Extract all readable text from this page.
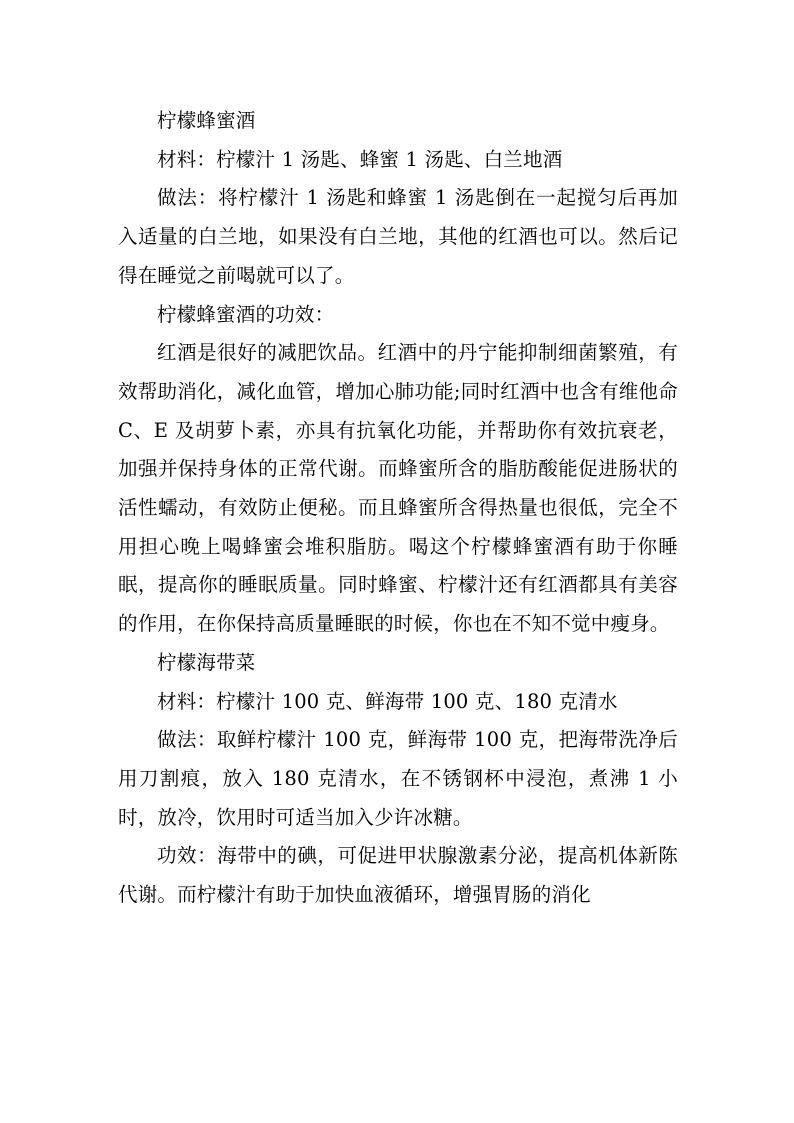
柠檬蜂蜜酒

材料：柠檬汁 1 汤匙、蜂蜜 1 汤匙、白兰地酒

做法：将柠檬汁 1 汤匙和蜂蜜 1 汤匙倒在一起搅匀后再加入适量的白兰地，如果没有白兰地，其他的红酒也可以。然后记得在睡觉之前喝就可以了。

柠檬蜂蜜酒的功效：

红酒是很好的减肥饮品。红酒中的丹宁能抑制细菌繁殖，有效帮助消化，减化血管，增加心肺功能;同时红酒中也含有维他命 C、E 及胡萝卜素，亦具有抗氧化功能，并帮助你有效抗衰老，加强并保持身体的正常代谢。而蜂蜜所含的脂肪酸能促进肠状的活性蠕动，有效防止便秘。而且蜂蜜所含得热量也很低，完全不用担心晚上喝蜂蜜会堆积脂肪。喝这个柠檬蜂蜜酒有助于你睡眠，提高你的睡眠质量。同时蜂蜜、柠檬汁还有红酒都具有美容的作用，在你保持高质量睡眠的时候，你也在不知不觉中瘦身。

柠檬海带菜

材料：柠檬汁 100 克、鲜海带 100 克、180 克清水

做法：取鲜柠檬汁 100 克，鲜海带 100 克，把海带洗净后用刀割痕，放入 180 克清水，在不锈钢杯中浸泡，煮沸 1 小时，放冷，饮用时可适当加入少许冰糖。

功效：海带中的碘，可促进甲状腺激素分泌，提高机体新陈代谢。而柠檬汁有助于加快血液循环，增强胃肠的消化
